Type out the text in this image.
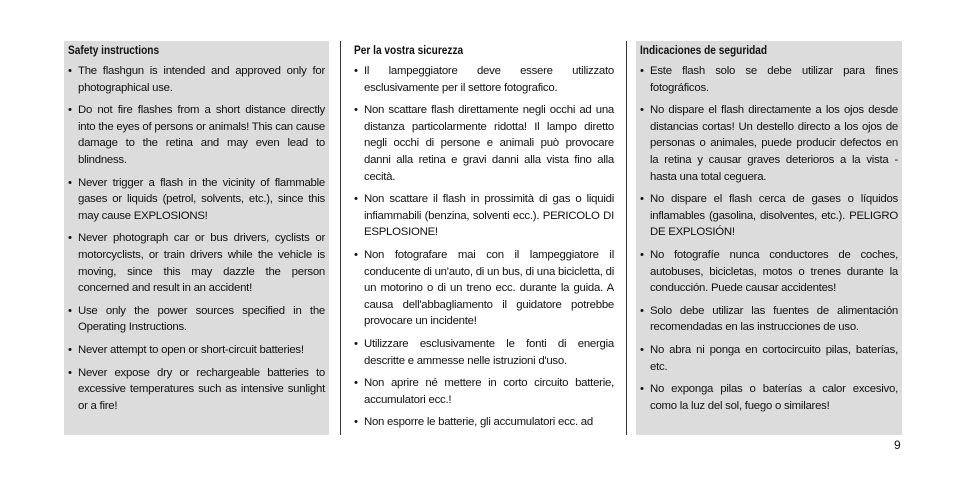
Safety instructions
• The flashgun is intended and approved only for photographical use.
• Do not fire flashes from a short distance directly into the eyes of persons or animals! This can cause damage to the retina and may even lead to blindness.
• Never trigger a flash in the vicinity of flammable gases or liquids (petrol, solvents, etc.), since this may cause EXPLOSIONS!
• Never photograph car or bus drivers, cyclists or motorcyclists, or train drivers while the vehicle is moving, since this may dazzle the person concerned and result in an accident!
• Use only the power sources specified in the Operating Instructions.
• Never attempt to open or short-circuit batteries!
• Never expose dry or rechargeable batteries to excessive temperatures such as intensive sunlight or a fire!
Per la vostra sicurezza
• Il lampeggiatore deve essere utilizzato esclusivamente per il settore fotografico.
• Non scattare flash direttamente negli occhi ad una distanza particolarmente ridotta! Il lampo diretto negli occhi di persone e animali può provocare danni alla retina e gravi danni alla vista fino alla cecità.
• Non scattare il flash in prossimità di gas o liquidi infiammabili (benzina, solventi ecc.). PERICOLO DI ESPLOSIONE!
• Non fotografare mai con il lampeggiatore il conducente di un'auto, di un bus, di una bicicletta, di un motorino o di un treno ecc. durante la guida. A causa dell'abbagliamento il guidatore potrebbe provocare un incidente!
• Utilizzare esclusivamente le fonti di energia descritte e ammesse nelle istruzioni d'uso.
• Non aprire né mettere in corto circuito batterie, accumulatori ecc.!
• Non esporre le batterie, gli accumulatori ecc. ad
Indicaciones de seguridad
• Este flash solo se debe utilizar para fines fotográficos.
• No dispare el flash directamente a los ojos desde distancias cortas! Un destello directo a los ojos de personas o animales, puede producir defectos en la retina y causar graves deterioros a la vista - hasta una total ceguera.
• No dispare el flash cerca de gases o líquidos inflamables (gasolina, disolventes, etc.). PELIGRO DE EXPLOSIÓN!
• No fotografíe nunca conductores de coches, autobuses, bicicletas, motos o trenes durante la conducción. Puede causar accidentes!
• Solo debe utilizar las fuentes de alimentación recomendadas en las instrucciones de uso.
• No abra ni ponga en cortocircuito pilas, baterías, etc.
• No exponga pilas o baterías a calor excesivo, como la luz del sol, fuego o similares!
9
